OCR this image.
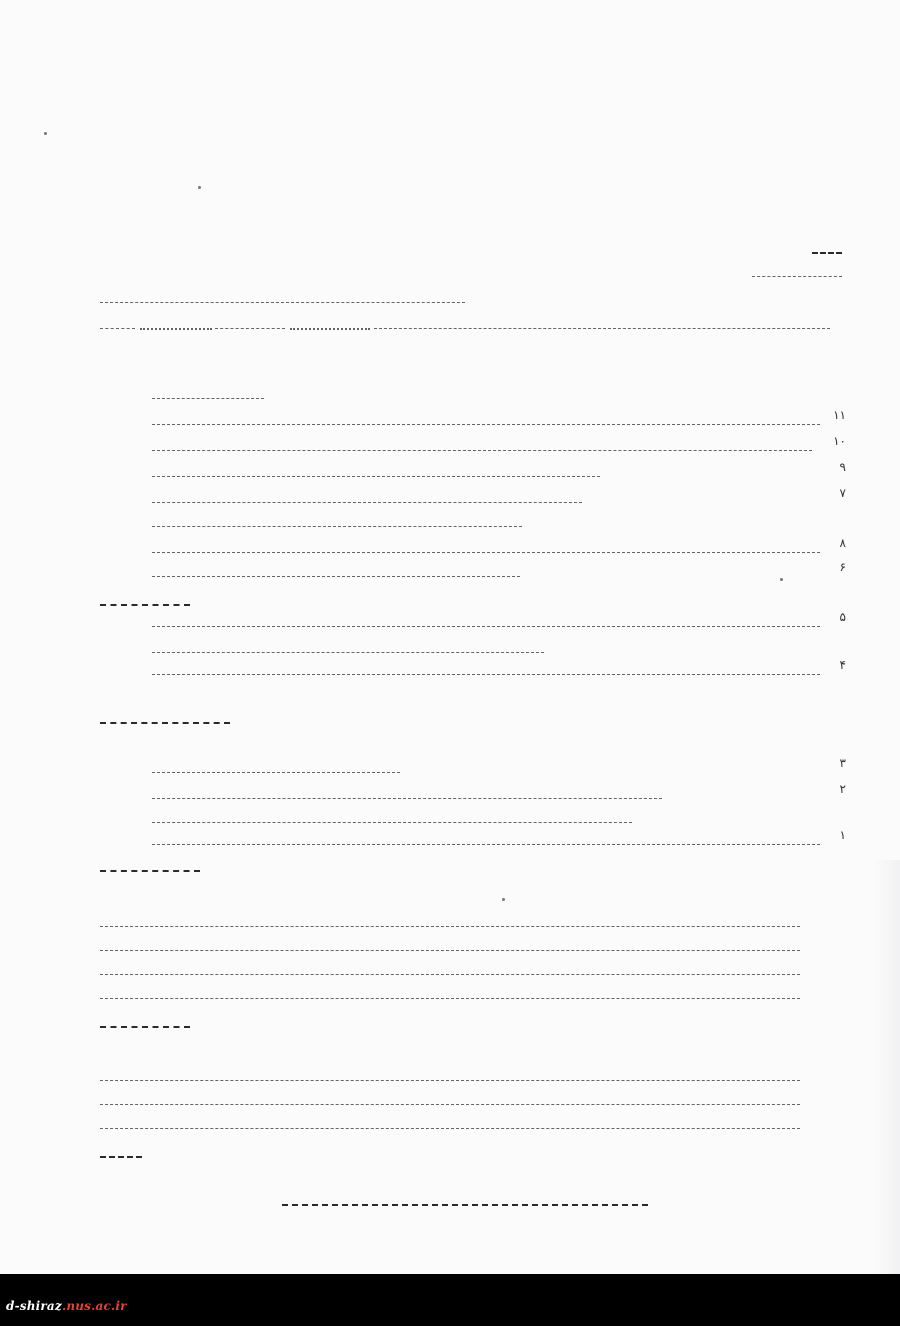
۱۱
۱۰
۹
۷
۸
۶
۵
۴
۳
۲
۱
d-shiraz.nus.ac.ir
